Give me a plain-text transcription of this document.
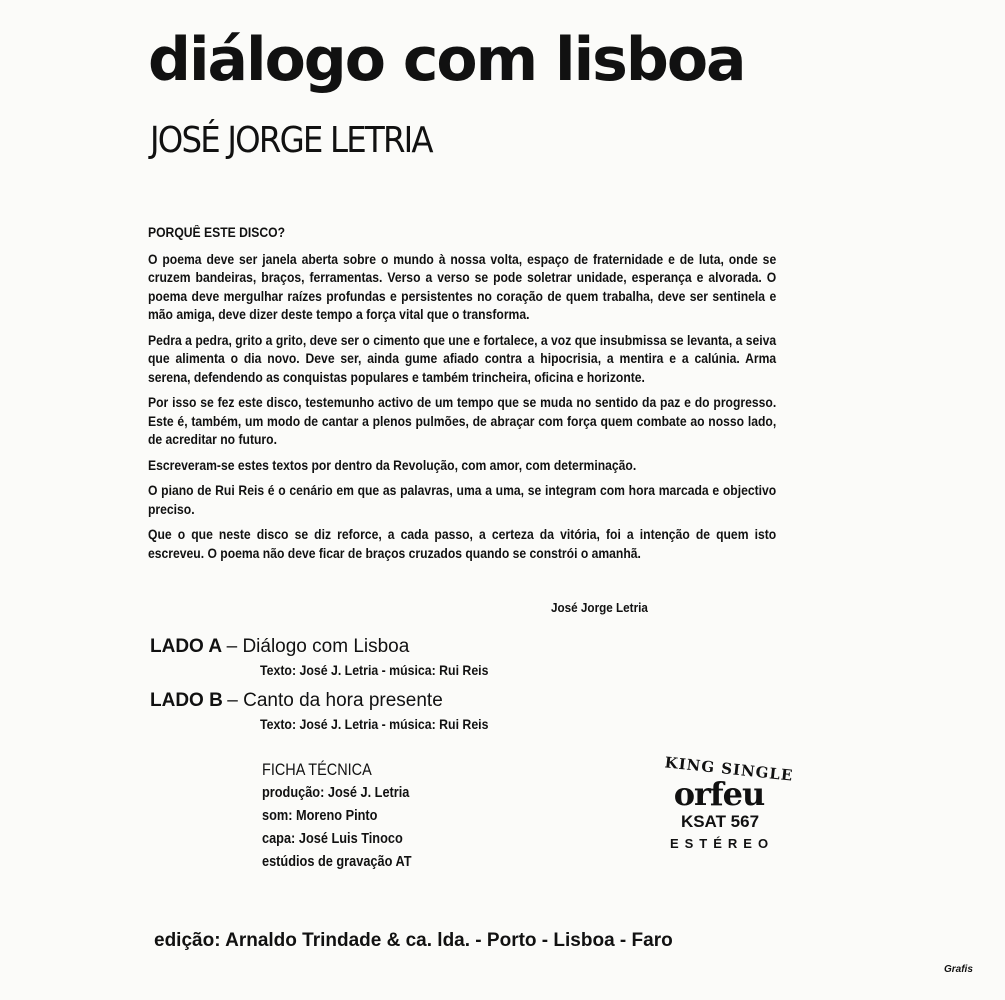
diálogo com lisboa
JOSÉ JORGE LETRIA
PORQUÊ ESTE DISCO?

O poema deve ser janela aberta sobre o mundo à nossa volta, espaço de fraternidade e de luta, onde se cruzem bandeiras, braços, ferramentas. Verso a verso se pode soletrar unidade, esperança e alvorada. O poema deve mergulhar raízes profundas e persistentes no coração de quem trabalha, deve ser sentinela e mão amiga, deve dizer deste tempo a força vital que o transforma.

Pedra a pedra, grito a grito, deve ser o cimento que une e fortalece, a voz que insubmissa se levanta, a seiva que alimenta o dia novo. Deve ser, ainda gume afiado contra a hipocrisia, a mentira e a calúnia. Arma serena, defendendo as conquistas populares e também trincheira, oficina e horizonte.

Por isso se fez este disco, testemunho activo de um tempo que se muda no sentido da paz e do progresso. Este é, também, um modo de cantar a plenos pulmões, de abraçar com força quem combate ao nosso lado, de acreditar no futuro.

Escreveram-se estes textos por dentro da Revolução, com amor, com determinação.

O piano de Rui Reis é o cenário em que as palavras, uma a uma, se integram com hora marcada e objectivo preciso.

Que o que neste disco se diz reforce, a cada passo, a certeza da vitória, foi a intenção de quem isto escreveu. O poema não deve ficar de braços cruzados quando se constrói o amanhã.

José Jorge Letria
LADO A – Diálogo com Lisboa
Texto: José J. Letria - música: Rui Reis
LADO B – Canto da hora presente
Texto: José J. Letria - música: Rui Reis
FICHA TÉCNICA
produção: José J. Letria
som: Moreno Pinto
capa: José Luis Tinoco
estúdios de gravação AT
KING SINGLE
orfeu
KSAT 567
ESTÉREO
edição: Arnaldo Trindade & ca. lda. - Porto - Lisboa - Faro
Grafis
